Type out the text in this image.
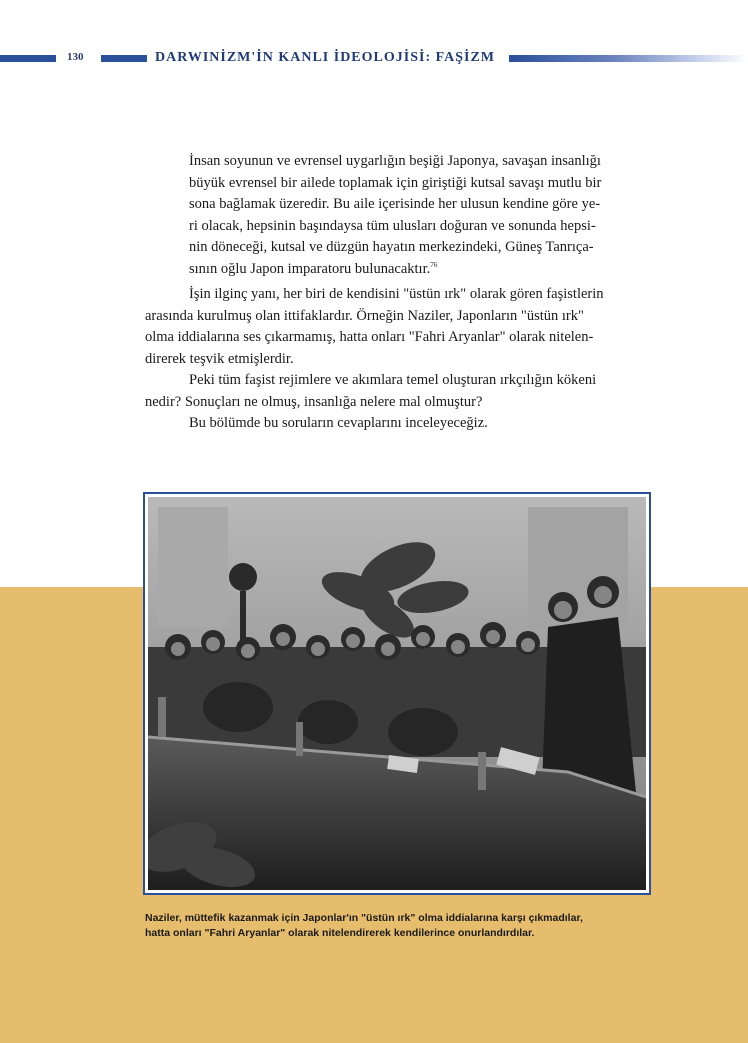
130	DARWINİZM'İN KANLI İDEOLOJİSİ: FAŞİZM

İnsan soyunun ve evrensel uygarlığın beşiği Japonya, savaşan insanlığı
büyük evrensel bir ailede toplamak için giriştiği kutsal savaşı mutlu bir
sona bağlamak üzeredir. Bu aile içerisinde her ulusun kendine göre ye-
ri olacak, hepsinin başındaysa tüm ulusları doğuran ve sonunda hepsi-
nin döneceği, kutsal ve düzgün hayatın merkezindeki, Güneş Tanrıça-
sının oğlu Japon imparatoru bulunacaktır.$^{76}$

İşin ilginç yanı, her biri de kendisini "üstün ırk" olarak gören faşistlerin
arasında kurulmuş olan ittifaklardır. Örneğin Naziler, Japonların "üstün ırk"
olma iddialarına ses çıkarmamış, hatta onları "Fahri Aryanlar" olarak nitelen-
direrek teşvik etmişlerdir.

Peki tüm faşist rejimlere ve akımlara temel oluşturan ırkçılığın kökeni
nedir? Sonuçları ne olmuş, insanlığa nelere mal olmuştur?

Bu bölümde bu soruların cevaplarını inceleyeceğiz.

Naziler, müttefik kazanmak için Japonlar'ın "üstün ırk" olma iddialarına karşı çıkmadılar,
hatta onları "Fahri Aryanlar" olarak nitelendirerek kendilerince onurlandırdılar.
